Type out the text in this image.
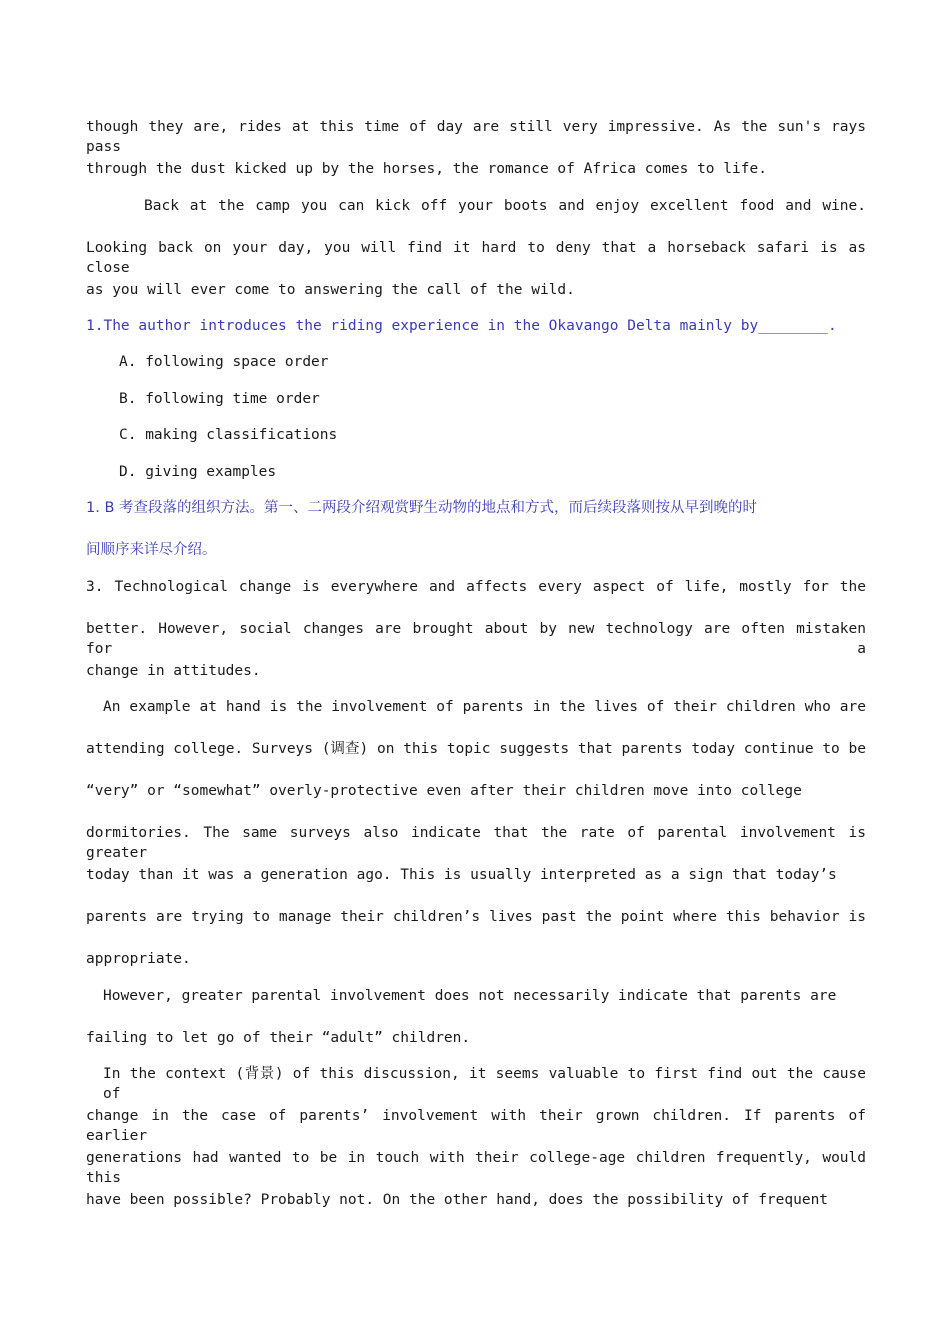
though they are, rides at this time of day are still very impressive. As the sun's rays pass
through the dust kicked up by the horses, the romance of Africa comes to life.
Back at the camp you can kick off your boots and enjoy excellent food and wine.
Looking back on your day, you will find it hard to deny that a horseback safari is as close
as you will ever come to answering the call of the wild.
1.The author introduces the riding experience in the Okavango Delta mainly by________.
A. following space order
B. following time order
C. making classifications
D. giving examples
1. B 考查段落的组织方法。第一、二两段介绍观赏野生动物的地点和方式，而后续段落则按从早到晚的时
间顺序来详尽介绍。
3. Technological change is everywhere and affects every aspect of life, mostly for the
better. However, social changes are brought about by new technology are often mistaken for a
change in attitudes.
An example at hand is the involvement of parents in the lives of their children who are
attending college. Surveys (调查) on this topic suggests that parents today continue to be
“very” or “somewhat” overly-protective even after their children move into college
dormitories. The same surveys also indicate that the rate of parental involvement is greater
today than it was a generation ago. This is usually interpreted as a sign that today’s
parents are trying to manage their children’s lives past the point where this behavior is
appropriate.
However, greater parental involvement does not necessarily indicate that parents are
failing to let go of their “adult” children.
In the context (背景) of this discussion, it seems valuable to first find out the cause of
change in the case of parents’ involvement with their grown children. If parents of earlier
generations had wanted to be in touch with their college-age children frequently, would this
have been possible? Probably not. On the other hand, does the possibility of frequent
